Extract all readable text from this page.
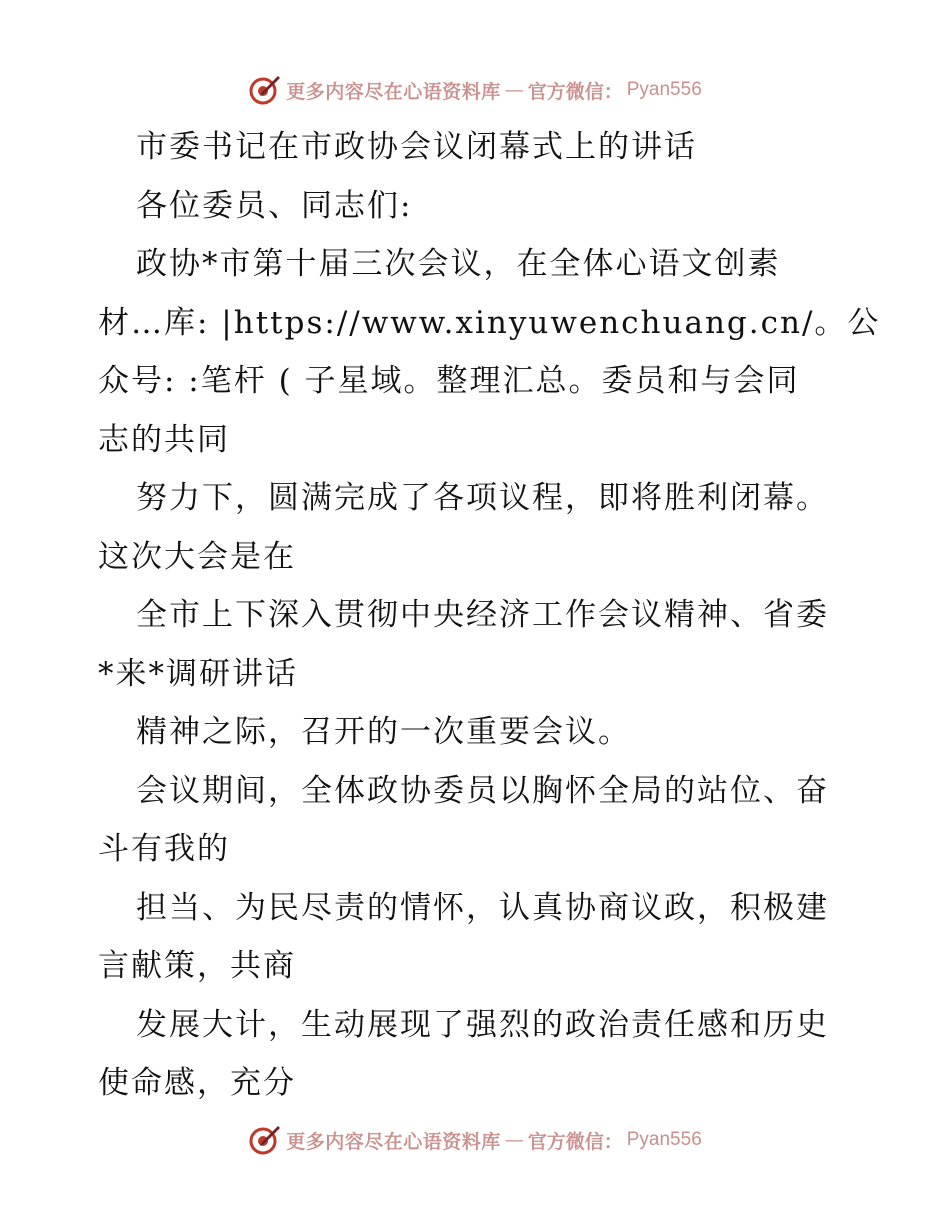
更多内容尽在心语资料库 — 官方微信： Pyan556
市委书记在市政协会议闭幕式上的讲话
各位委员、同志们:
政协*市第十届三次会议，在全体心语文创素
材…库: |https://www.xinyuwenchuang.cn/。公
众号: :笔杆 ( 子星域。整理汇总。委员和与会同
志的共同
努力下，圆满完成了各项议程，即将胜利闭幕。
这次大会是在
全市上下深入贯彻中央经济工作会议精神、省委
*来*调研讲话
精神之际，召开的一次重要会议。
会议期间，全体政协委员以胸怀全局的站位、奋
斗有我的
担当、为民尽责的情怀，认真协商议政，积极建
言献策，共商
发展大计，生动展现了强烈的政治责任感和历史
使命感，充分
更多内容尽在心语资料库 — 官方微信： Pyan556
